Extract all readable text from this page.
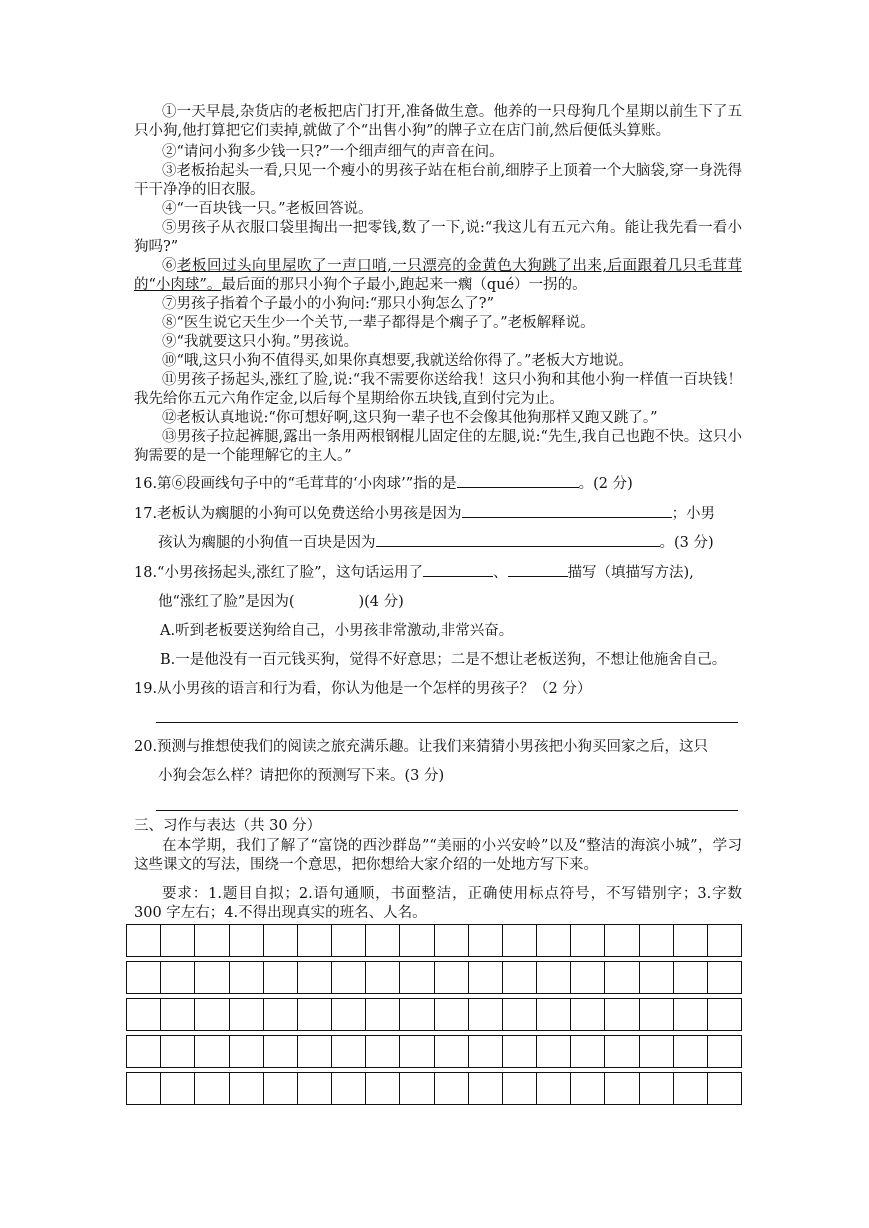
①一天早晨,杂货店的老板把店门打开,准备做生意。他养的一只母狗几个星期以前生下了五只小狗,他打算把它们卖掉,就做了个“出售小狗”的牌子立在店门前,然后便低头算账。

②“请问小狗多少钱一只?”一个细声细气的声音在问。

③老板抬起头一看,只见一个瘦小的男孩子站在柜台前,细脖子上顶着一个大脑袋,穿一身洗得干干净净的旧衣服。

④“一百块钱一只。”老板回答说。

⑤男孩子从衣服口袋里掏出一把零钱,数了一下,说:“我这儿有五元六角。能让我先看一看小狗吗?”

⑥老板回过头向里屋吹了一声口哨,一只漂亮的金黄色大狗跳了出来,后面跟着几只毛茸茸的“小肉球”。最后面的那只小狗个子最小,跑起来一瘸（qué）一拐的。

⑦男孩子指着个子最小的小狗问:“那只小狗怎么了?”

⑧“医生说它天生少一个关节,一辈子都得是个瘸子了。”老板解释说。

⑨“我就要这只小狗。”男孩说。

⑩“哦,这只小狗不值得买,如果你真想要,我就送给你得了。”老板大方地说。

⑪男孩子扬起头,涨红了脸,说:“我不需要你送给我！这只小狗和其他小狗一样值一百块钱！我先给你五元六角作定金,以后每个星期给你五块钱,直到付完为止。

⑫老板认真地说:“你可想好啊,这只狗一辈子也不会像其他狗那样又跑又跳了。”

⑬男孩子拉起裤腿,露出一条用两根钢棍儿固定住的左腿,说:“先生,我自己也跑不快。这只小狗需要的是一个能理解它的主人。”

16.第⑥段画线句子中的“毛茸茸的‘小肉球’”指的是	。(2 分)

17.老板认为瘸腿的小狗可以免费送给小男孩是因为	；小男

孩认为瘸腿的小狗值一百块是因为	。(3 分)

18.“小男孩扬起头,涨红了脸”，这句话运用了	、	描写（填描写方法),

他“涨红了脸”是因为(	)(4 分)

A.听到老板要送狗给自己，小男孩非常激动,非常兴奋。

B.一是他没有一百元钱买狗，觉得不好意思；二是不想让老板送狗，不想让他施舍自己。

19.从小男孩的语言和行为看，你认为他是一个怎样的男孩子？（2 分）

20.预测与推想使我们的阅读之旅充满乐趣。让我们来猜猜小男孩把小狗买回家之后，这只

小狗会怎么样？请把你的预测写下来。(3 分)

三、习作与表达（共 30 分）

在本学期，我们了解了“富饶的西沙群岛”“美丽的小兴安岭”以及“整洁的海滨小城”，学习这些课文的写法，围绕一个意思，把你想给大家介绍的一处地方写下来。

要求：1.题目自拟；2.语句通顺，书面整洁，正确使用标点符号，不写错别字；3.字数 300 字左右；4.不得出现真实的班名、人名。
